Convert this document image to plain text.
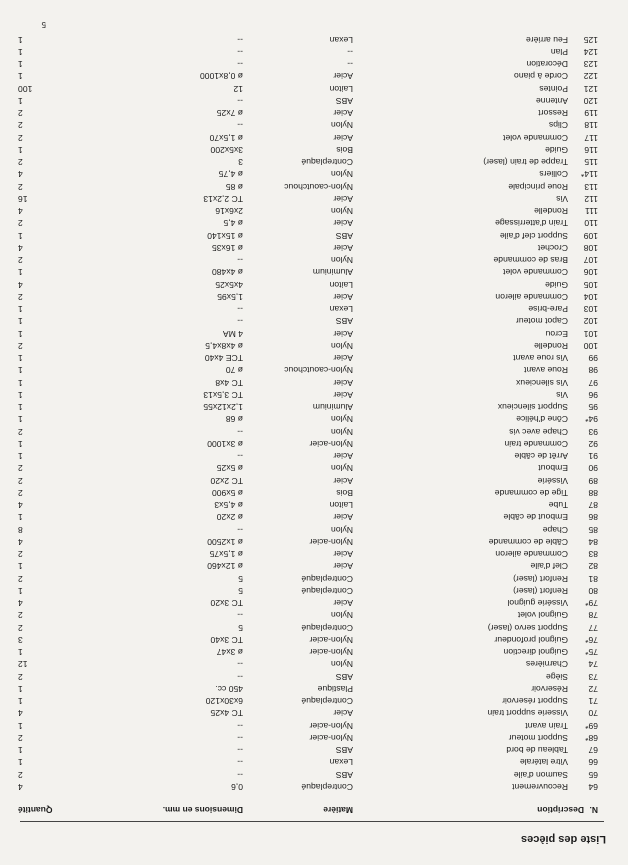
Liste des pièces
N.
Description
Matière
Dimensions en mm.
Quantité
64
Recouvrement
Contreplaqué
0,6
4
65
Saumon d'aile
ABS
--
2
66
Vitre latérale
Lexan
--
1
67
Tableau de bord
ABS
--
1
68*
Support moteur
Nylon-acier
--
2
69*
Train avant
Nylon-acier
--
1
70
Visserie support train
Acier
TC 4x25
4
71
Support réservoir
Contreplaqué
6x30x120
1
72
Réservoir
Plastique
450 cc.
1
73
Siège
ABS
--
2
74
Charnières
Nylon
--
12
75*
Guignol direction
Nylon-acier
ø 3x47
1
76*
Guignol profondeur
Nylon-acier
TC 3x40
3
77
Support servo (laser)
Contreplaqué
5
2
78
Guignol volet
Nylon
--
2
79*
Vissérie guignol
Acier
TC 3x20
4
80
Renfort (laser)
Contreplaqué
5
1
81
Renfort (laser)
Contreplaqué
5
2
82
Clef d'aile
Acier
ø 12x460
1
83
Commande aileron
Acier
ø 1,5x75
2
84
Câble de commande
Nylon-acier
ø 1x2500
4
85
Chape
Nylon
--
8
86
Embout de câble
Acier
ø 2x20
1
87
Tube
Laiton
ø 4,5x3
4
88
Tige de commande
Bois
ø 5x900
2
89
Vissérie
Acier
TC 2x20
2
90
Embout
Nylon
ø 5x25
2
91
Arrêt de câble
Acier
--
1
92
Commande train
Nylon-acier
ø 3x1000
1
93
Chape avec vis
Nylon
--
2
94*
Cône d'hélice
Nylon
ø 68
1
95
Support silencieux
Aluminium
1,2x12x55
1
96
Vis
Acier
TC 3,5x13
1
97
Vis silencieux
Acier
TC 4x8
1
98
Roue avant
Nylon-caoutchouc
ø 70
1
99
Vis roue avant
Acier
TCE 4x40
1
100
Rondelle
Nylon
ø 4x8x4,5
2
101
Ecrou
Acier
4 MA
1
102
Capot moteur
ABS
--
1
103
Pare-brise
Lexan
--
1
104
Commande aileron
Acier
1,5x95
2
105
Guide
Laiton
4x5x25
4
106
Commande volet
Aluminium
ø 4x480
1
107
Bras de commande
Nylon
--
2
108
Crochet
Acier
ø 16x35
4
109
Support clef d'aile
ABS
ø 15x140
1
110
Train d'atterrissage
Acier
ø 4,5
2
111
Rondelle
Nylon
2x6x16
4
112
Vis
Acier
TC 2,2x13
16
113
Roue principale
Nylon-caoutchouc
ø 85
2
114*
Colliers
Nylon
ø 4,75
4
115
Trappe de train (laser)
Contreplaqué
3
2
116
Guide
Bois
3x5x200
1
117
Commande volet
Acier
ø 1,5x70
2
118
Clips
Nylon
--
2
119
Ressort
Acier
ø 7x25
2
120
Antenne
ABS
--
1
121
Pointes
Laiton
12
100
122
Corde à piano
Acier
ø 0,8x1000
1
123
Décoration
--
--
1
124
Plan
--
--
1
125
Feu arrière
Lexan
--
1
5
